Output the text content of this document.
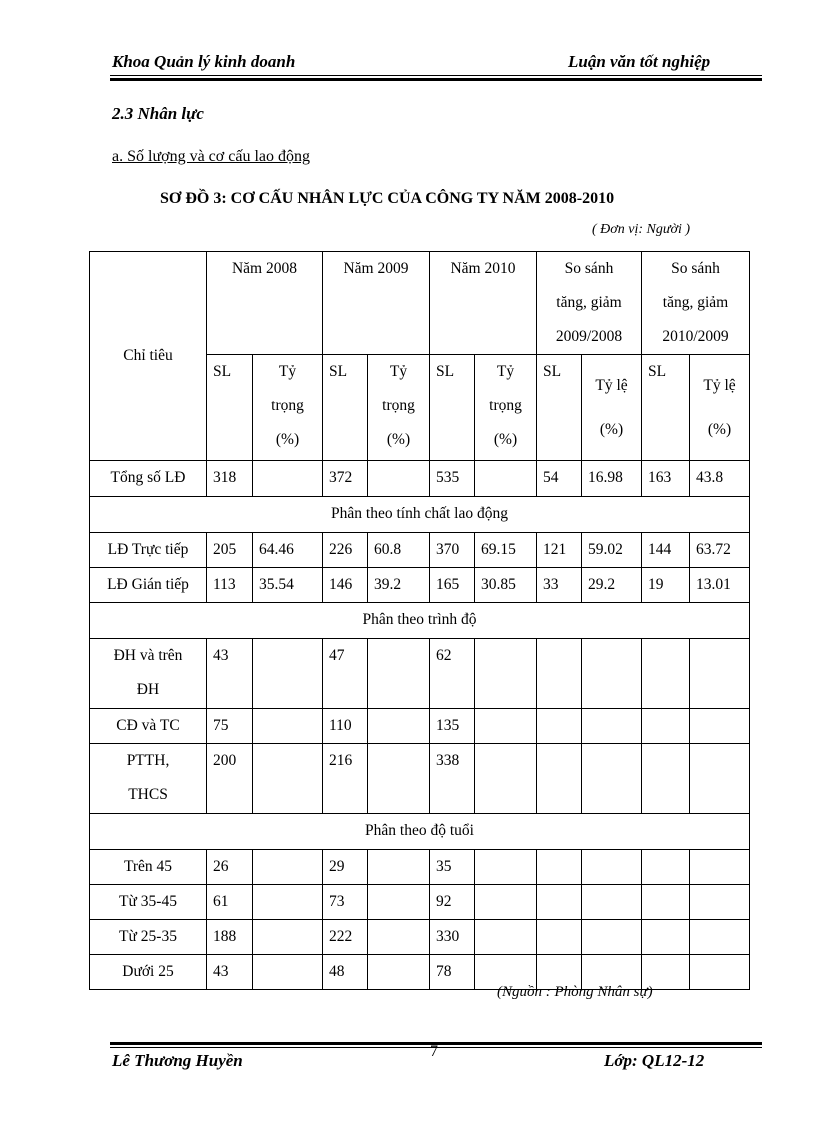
Khoa Quản lý kinh doanh	Luận văn tốt nghiệp
2.3 Nhân lực
a. Số lượng và cơ cấu lao động
SƠ ĐỒ 3: CƠ CẤU NHÂN LỰC CỦA CÔNG TY NĂM 2008-2010
( Đơn vị: Người )
Chỉ tiêu	Năm 2008		Năm 2009		Năm 2010		So sánh
tăng, giảm
2009/2008		So sánh
tăng, giảm
2010/2009	
	SL	Tỷ
trọng
(%)	SL	Tỷ
trọng
(%)	SL	Tỷ
trọng
(%)	SL	Tỷ lệ

(%)	SL	Tỷ lệ

(%)
Tổng số LĐ	318		372		535		54	16.98	163	43.8
Phân theo tính chất lao động										
LĐ Trực tiếp	205	64.46	226	60.8	370	69.15	121	59.02	144	63.72
LĐ Gián tiếp	113	35.54	146	39.2	165	30.85	33	29.2	19	13.01
Phân theo trình độ										
ĐH và trên
ĐH	43		47		62					
CĐ và TC	75		110		135					
PTTH,
THCS	200		216		338					
Phân theo độ tuổi										
Trên 45	26		29		35					
Từ 35-45	61		73		92					
Từ 25-35	188		222		330					
Dưới 25	43		48		78					
(Nguồn : Phòng Nhân sự)
7
Lê Thương Huyền	Lớp: QL12-12
